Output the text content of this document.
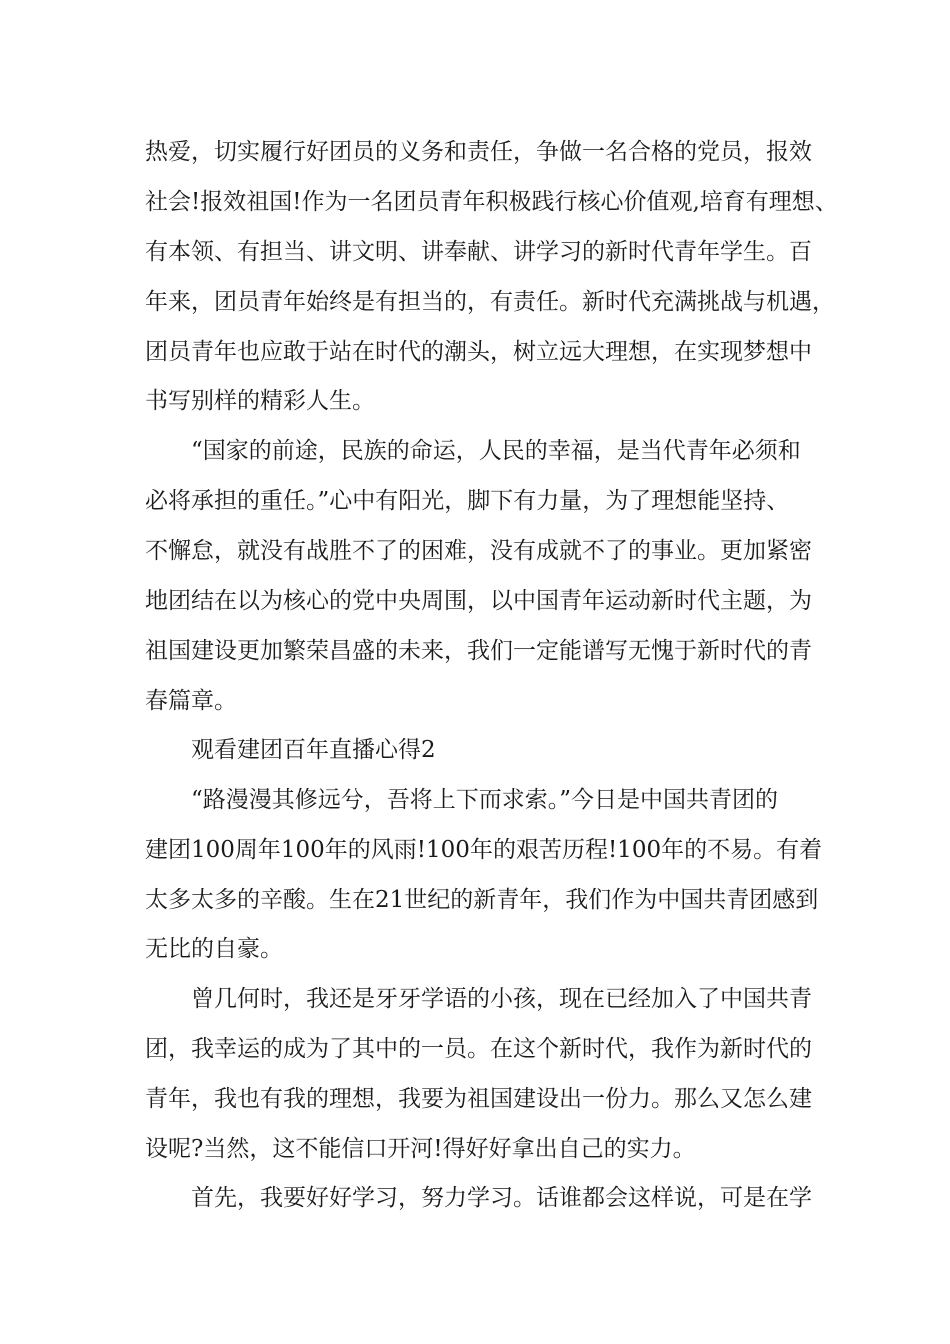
热爱，切实履行好团员的义务和责任，争做一名合格的党员，报效
社会!报效祖国!作为一名团员青年积极践行核心价值观,培育有理想、
有本领、有担当、讲文明、讲奉献、讲学习的新时代青年学生。百
年来，团员青年始终是有担当的，有责任。新时代充满挑战与机遇，
团员青年也应敢于站在时代的潮头，树立远大理想，在实现梦想中
书写别样的精彩人生。
“国家的前途，民族的命运，人民的幸福，是当代青年必须和
必将承担的重任。”心中有阳光，脚下有力量，为了理想能坚持、
不懈怠，就没有战胜不了的困难，没有成就不了的事业。更加紧密
地团结在以为核心的党中央周围，以中国青年运动新时代主题，为
祖国建设更加繁荣昌盛的未来，我们一定能谱写无愧于新时代的青
春篇章。
观看建团百年直播心得2
“路漫漫其修远兮，吾将上下而求索。”今日是中国共青团的
建团100周年100年的风雨!100年的艰苦历程!100年的不易。有着
太多太多的辛酸。生在21世纪的新青年，我们作为中国共青团感到
无比的自豪。
曾几何时，我还是牙牙学语的小孩，现在已经加入了中国共青
团，我幸运的成为了其中的一员。在这个新时代，我作为新时代的
青年，我也有我的理想，我要为祖国建设出一份力。那么又怎么建
设呢?当然，这不能信口开河!得好好拿出自己的实力。
首先，我要好好学习，努力学习。话谁都会这样说，可是在学
